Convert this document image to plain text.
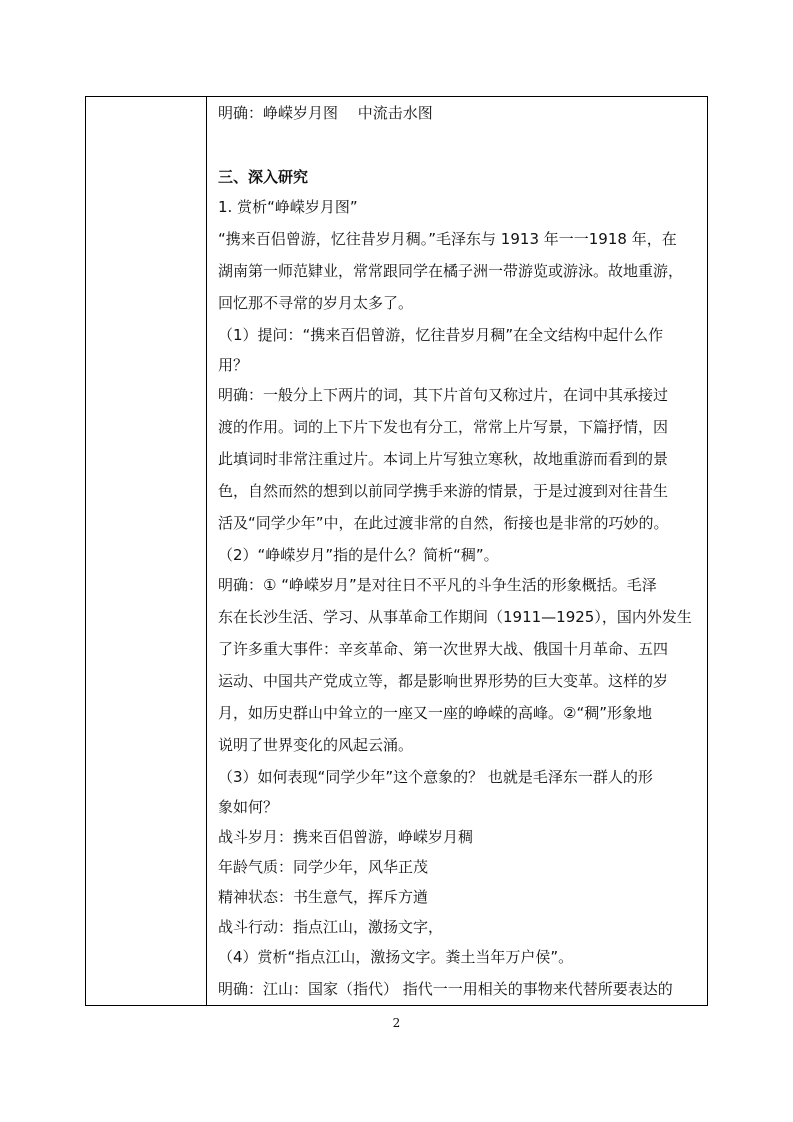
明确：峥嵘岁月图　 中流击水图
三、深入研究
1. 赏析“峥嵘岁月图”
“携来百侣曾游，忆往昔岁月稠。”毛泽东与 1913 年一一1918 年，在
湖南第一师范肄业，常常跟同学在橘子洲一带游览或游泳。故地重游，
回忆那不寻常的岁月太多了。
（1）提问：“携来百侣曾游，忆往昔岁月稠”在全文结构中起什么作
用？
明确：一般分上下两片的词，其下片首句又称过片，在词中其承接过
渡的作用。词的上下片下发也有分工，常常上片写景，下篇抒情，因
此填词时非常注重过片。本词上片写独立寒秋，故地重游而看到的景
色，自然而然的想到以前同学携手来游的情景，于是过渡到对往昔生
活及“同学少年”中，在此过渡非常的自然，衔接也是非常的巧妙的。
（2）“峥嵘岁月”指的是什么？简析“稠”。
明确：① “峥嵘岁月”是对往日不平凡的斗争生活的形象概括。毛泽
东在长沙生活、学习、从事革命工作期间（1911—1925），国内外发生
了许多重大事件：辛亥革命、第一次世界大战、俄国十月革命、五四
运动、中国共产党成立等，都是影响世界形势的巨大变革。这样的岁
月，如历史群山中耸立的一座又一座的峥嵘的高峰。②“稠”形象地
说明了世界变化的风起云涌。
（3）如何表现“同学少年”这个意象的？ 也就是毛泽东一群人的形
象如何？
战斗岁月：携来百侣曾游，峥嵘岁月稠
年龄气质：同学少年，风华正茂
精神状态：书生意气，挥斥方遒
战斗行动：指点江山，激扬文字，
（4）赏析“指点江山，激扬文字。粪土当年万户侯”。
明确：江山：国家（指代） 指代一一用相关的事物来代替所要表达的
2
